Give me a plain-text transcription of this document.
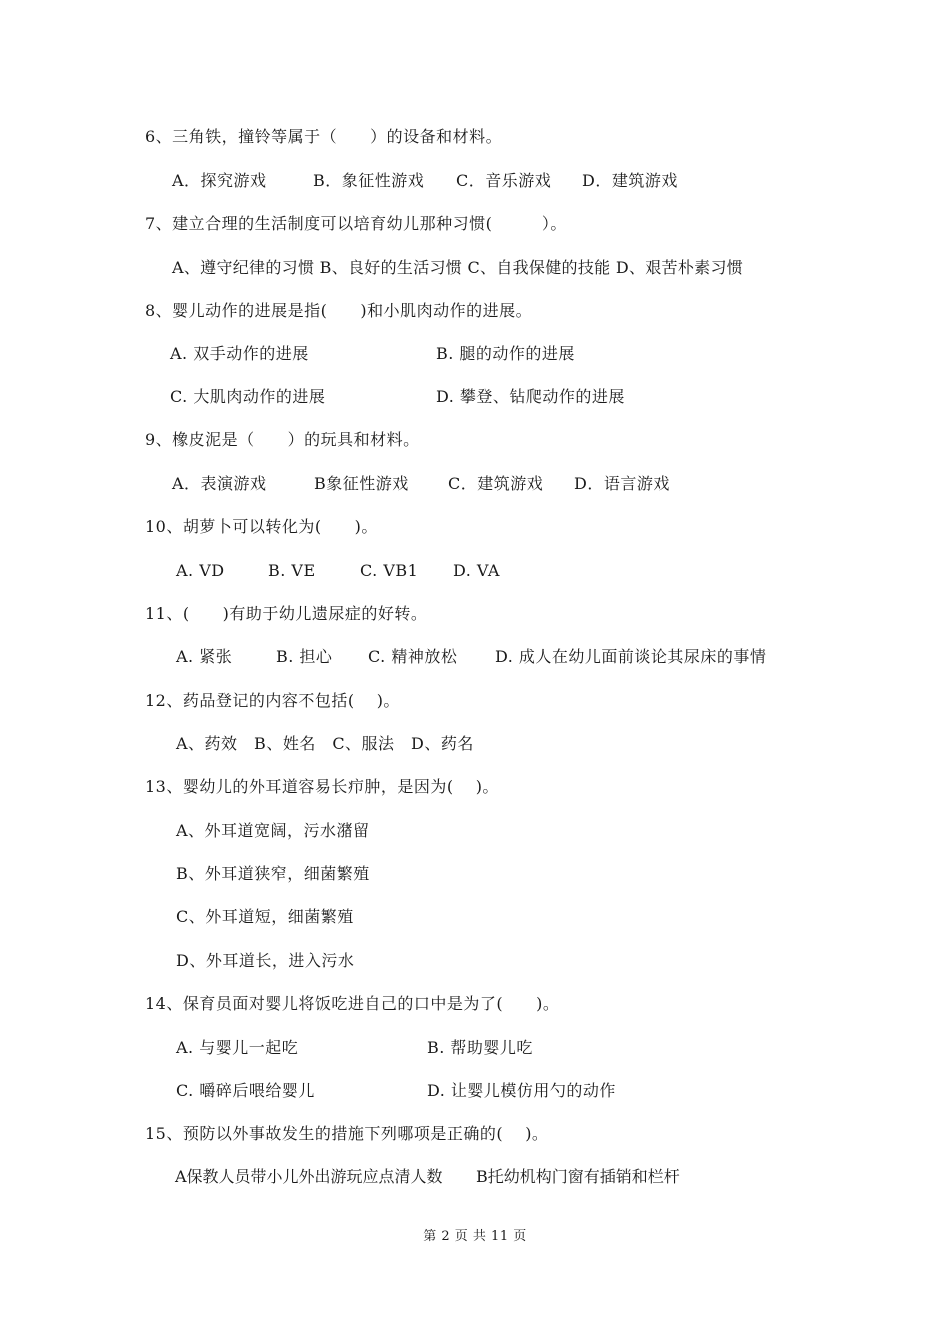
6、三角铁，撞铃等属于（　　）的设备和材料。
A．探究游戏	B．象征性游戏 C．音乐游戏 D．建筑游戏
7、建立合理的生活制度可以培育幼儿那种习惯(　　　）。
A、遵守纪律的习惯 B、良好的生活习惯 C、自我保健的技能 D、艰苦朴素习惯
8、婴儿动作的进展是指(　　)和小肌肉动作的进展。
A. 双手动作的进展	B. 腿的动作的进展
C. 大肌肉动作的进展	D. 攀登、钻爬动作的进展
9、橡皮泥是（　　）的玩具和材料。
A．表演游戏	B象征性游戏 C．建筑游戏 D．语言游戏
10、胡萝卜可以转化为(　　)。
A. VD	B. VE	C. VB1 D. VA
11、(　　)有助于幼儿遗尿症的好转。
A. 紧张	B. 担心 C. 精神放松 D. 成人在幼儿面前谈论其尿床的事情
12、药品登记的内容不包括(　 )。
A、药效　B、姓名　C、服法　D、药名
13、婴幼儿的外耳道容易长疖肿，是因为(　 )。
A、外耳道宽阔，污水潴留
B、外耳道狭窄，细菌繁殖
C、外耳道短，细菌繁殖
D、外耳道长，进入污水
14、保育员面对婴儿将饭吃进自己的口中是为了(　　)。
A. 与婴儿一起吃	B. 帮助婴儿吃
C. 嚼碎后喂给婴儿	D. 让婴儿模仿用勺的动作
15、预防以外事故发生的措施下列哪项是正确的(　 )。
A保教人员带小儿外出游玩应点清人数 B托幼机构门窗有插销和栏杆
第 2 页 共 11 页
